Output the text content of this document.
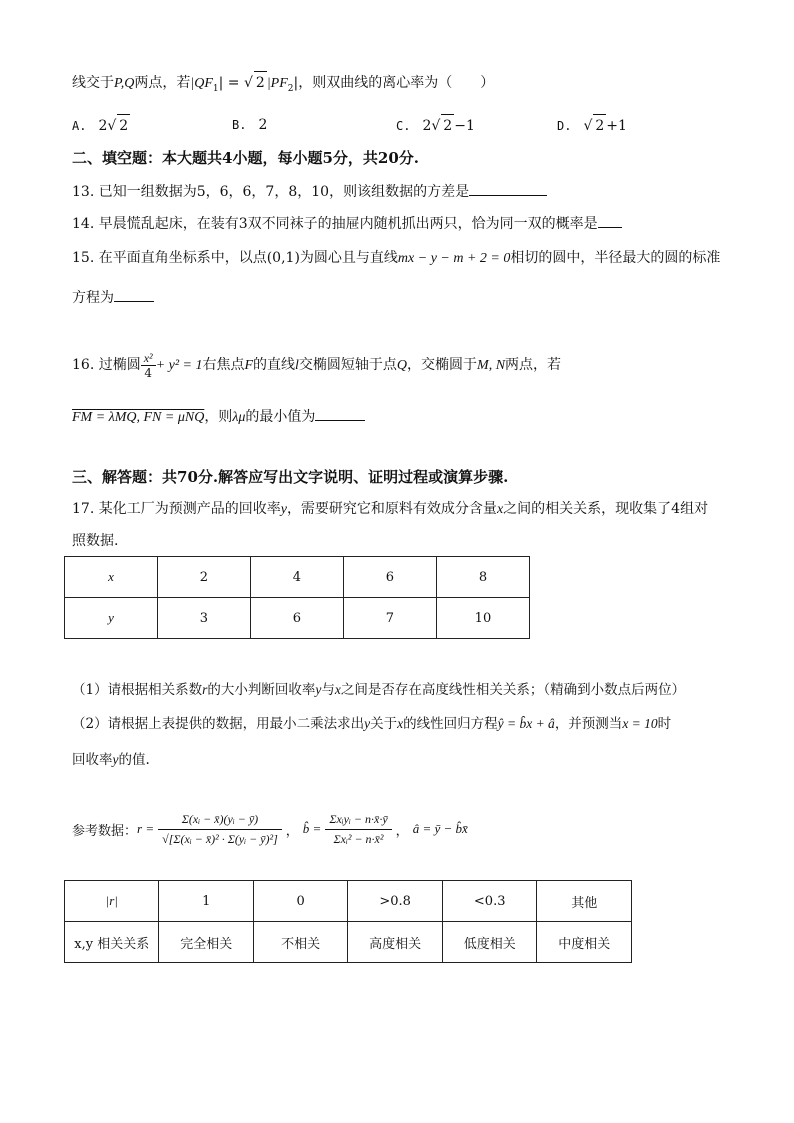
线交于P,Q两点，若$|QF_1|$ = √ 2 $|PF_2|$，则双曲线的离心率为（　　）
A. 2√ 2	B. 2	C. 2√ 2 −1	D. √ 2 +1
二、填空题：本大题共4小题，每小题5分，共20分.
13. 已知一组数据为5，6，6，7，8，10，则该组数据的方差是
14. 早晨慌乱起床，在装有3双不同袜子的抽屉内随机抓出两只，恰为同一双的概率是
15. 在平面直角坐标系中，以点(0,1)为圆心且与直线mx − y − m + 2 = 0相切的圆中，半径最大的圆的标准
方程为
16. 过椭圆 $\frac{\text{x²}}{4} + y^2 = 1$右焦点F的直线l交椭圆短轴于点Q，交椭圆于M, N两点，若
FM = λMQ, FN = μNQ，则λμ的最小值为
三、解答题：共70分.解答应写出文字说明、证明过程或演算步骤.
17. 某化工厂为预测产品的回收率y，需要研究它和原料有效成分含量x之间的相关关系，现收集了4组对
照数据.
x	2	4	6	8
y	3	6	7	10
（1）请根据相关系数r的大小判断回收率y与x之间是否存在高度线性相关关系；（精确到小数点后两位）
（2）请根据上表提供的数据，用最小二乘法求出y关于x的线性回归方程ŷ = b̂x + â，并预测当x = 10时
回收率y的值.
参考数据： $r = \frac{\text{Σ(xᵢ − x̄)(yᵢ − ȳ)}}{\text{√[Σ(xᵢ − x̄)² · Σ(yᵢ − ȳ)²]}}$ ， b̂ =
Σxᵢyᵢ − n·x̄·ȳ
Σxᵢ² − n·x̄² ， â = ȳ − b̂x̄
|r|	1	0	>0.8	<0.3	其他
x,y 相关关系	完全相关	不相关	高度相关	低度相关	中度相关
